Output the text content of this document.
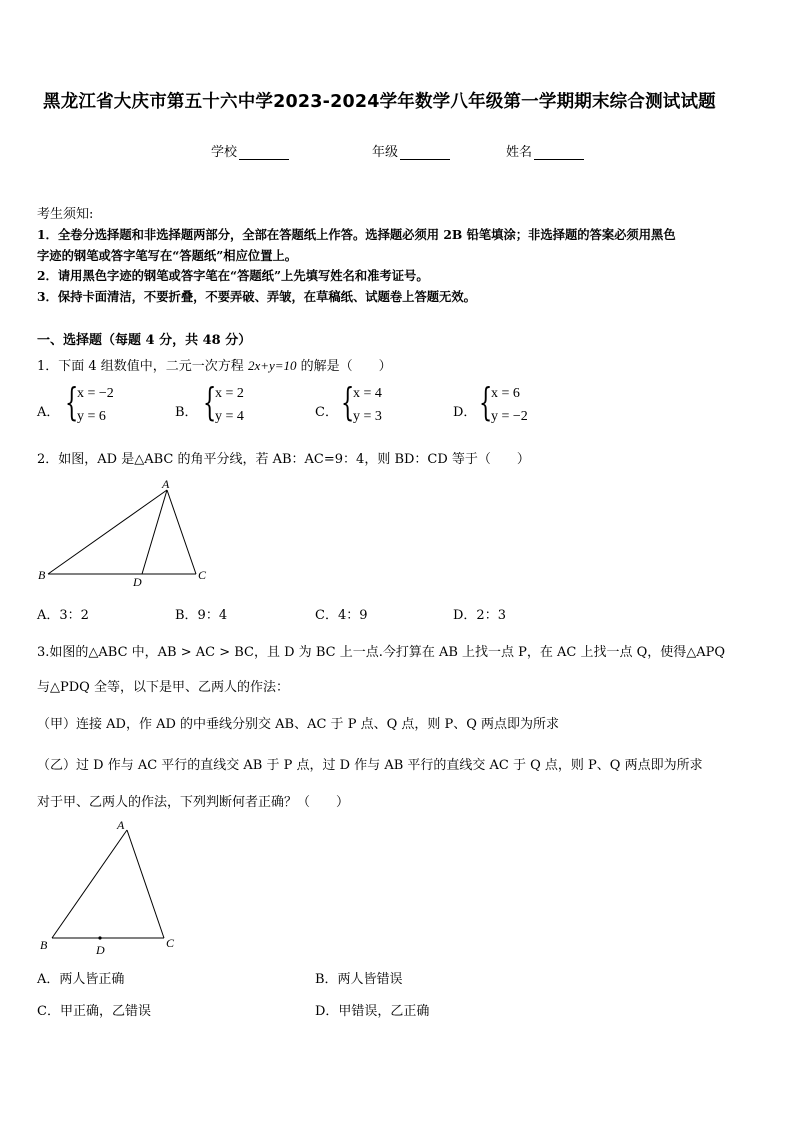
黑龙江省大庆市第五十六中学2023-2024学年数学八年级第一学期期末综合测试试题
学校	年级	姓名
考生须知:
1．全卷分选择题和非选择题两部分，全部在答题纸上作答。选择题必须用 2B 铅笔填涂；非选择题的答案必须用黑色
字迹的钢笔或答字笔写在“答题纸”相应位置上。
2．请用黑色字迹的钢笔或答字笔在“答题纸”上先填写姓名和准考证号。
3．保持卡面清洁，不要折叠，不要弄破、弄皱，在草稿纸、试题卷上答题无效。
一、选择题（每题 4 分，共 48 分）
1．下面 4 组数值中，二元一次方程 2x+y=10 的解是（　　）
A． {
x = −2
y = 6	B． {
x = 2
y = 4	C． {
x = 4
y = 3	D． {
x = 6
y = −2
2．如图，AD 是△ABC 的角平分线，若 AB：AC=9：4，则 BD：CD 等于（　　）
A
B	C
D
A．3：2	B．9：4	C．4：9	D．2：3
3.如图的△ABC 中，AB > AC > BC，且 D 为 BC 上一点.今打算在 AB 上找一点 P，在 AC 上找一点 Q，使得△APQ
与△PDQ 全等，以下是甲、乙两人的作法：
（甲）连接 AD，作 AD 的中垂线分别交 AB、AC 于 P 点、Q 点，则 P、Q 两点即为所求
（乙）过 D 作与 AC 平行的直线交 AB 于 P 点，过 D 作与 AB 平行的直线交 AC 于 Q 点，则 P、Q 两点即为所求
对于甲、乙两人的作法，下列判断何者正确？（　　）
A
B	C
D
A．两人皆正确	B．两人皆错误
C．甲正确，乙错误	D．甲错误，乙正确
